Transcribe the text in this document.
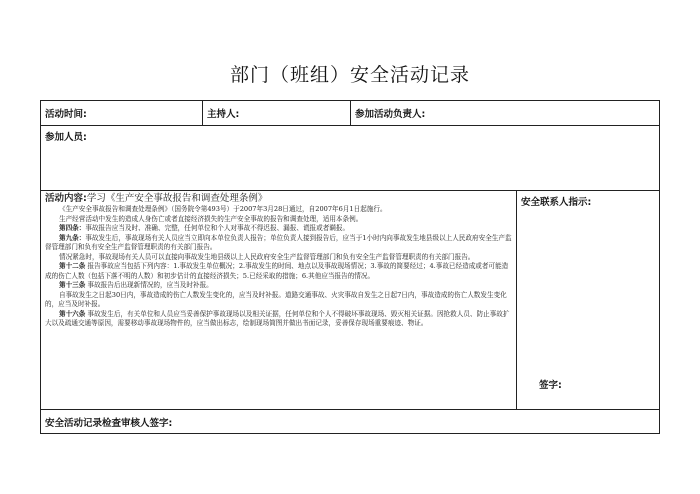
部门（班组）安全活动记录
活动时间:	主持人:	参加活动负责人:
参加人员:

活动内容:学习《生产安全事故报告和调查处理条例》

《生产安全事故报告和调查处理条例》（国务院令第493号）于2007年3月28日通过，自2007年6月1日起施行。

生产经营活动中发生的造成人身伤亡或者直接经济损失的生产安全事故的报告和调查处理，适用本条例。

第四条：事故报告应当及时、准确、完整，任何单位和个人对事故不得迟报、漏报、谎报或者瞒报。

第九条：事故发生后，事故现场有关人员应当立即向本单位负责人报告；单位负责人接到报告后，应当于1小时内向事故发生地县级以上人民政府安全生产监督管理部门和负有安全生产监督管理职责的有关部门报告。

情况紧急时，事故现场有关人员可以直接向事故发生地县级以上人民政府安全生产监督管理部门和负有安全生产监督管理职责的有关部门报告。

第十二条 报告事故应当包括下列内容：1.事故发生单位概况；2.事故发生的时间、地点以及事故现场情况；3.事故的简要经过；4.事故已经造成或者可能造成的伤亡人数（包括下落不明的人数）和初步估计的直接经济损失；5.已经采取的措施；6.其他应当报告的情况。

第十三条 事故报告后出现新情况的，应当及时补报。

自事故发生之日起30日内，事故造成的伤亡人数发生变化的，应当及时补报。道路交通事故、火灾事故自发生之日起7日内，事故造成的伤亡人数发生变化的，应当及时补报。

第十六条 事故发生后，有关单位和人员应当妥善保护事故现场以及相关证据，任何单位和个人不得破坏事故现场、毁灭相关证据。因抢救人员、防止事故扩大以及疏通交通等原因，需要移动事故现场物件的，应当做出标志，绘制现场简图并做出书面记录，妥善保存现场重要痕迹、物证。

安全联系人指示:
签字:
安全活动记录检查审核人签字:
